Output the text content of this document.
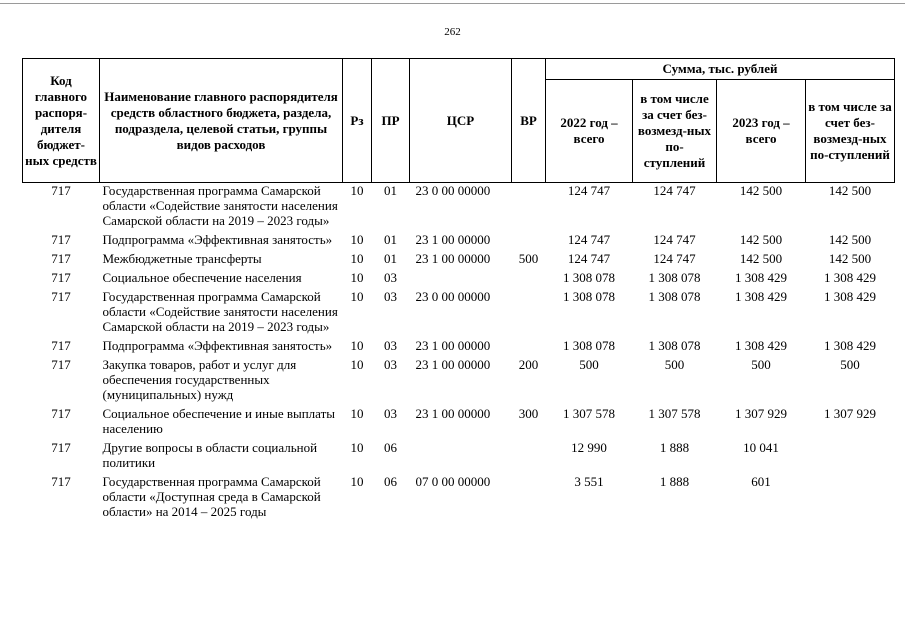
262
Код главного распоря-дителя бюджет-ных средств	Наименование главного распорядителя средств областного бюджета, раздела, подраздела, целевой статьи, группы видов расходов	Рз	ПР	ЦСР	ВР	Сумма, тыс. рублей			
						2022 год – всего	в том числе за счет без-возмезд-ных по-ступлений	2023 год – всего	в том числе за счет без-возмезд-ных по-ступлений
717	Государственная программа Самарской области «Содействие занятости населения Самарской области на 2019 – 2023 годы»	10	01	23 0 00 00000		124 747	124 747	142 500	142 500
717	Подпрограмма «Эффективная занятость»	10	01	23 1 00 00000		124 747	124 747	142 500	142 500
717	Межбюджетные трансферты	10	01	23 1 00 00000	500	124 747	124 747	142 500	142 500
717	Социальное обеспечение населения	10	03			1 308 078	1 308 078	1 308 429	1 308 429
717	Государственная программа Самарской области «Содействие занятости населения Самарской области на 2019 – 2023 годы»	10	03	23 0 00 00000		1 308 078	1 308 078	1 308 429	1 308 429
717	Подпрограмма «Эффективная занятость»	10	03	23 1 00 00000		1 308 078	1 308 078	1 308 429	1 308 429
717	Закупка товаров, работ и услуг для обеспечения государственных (муниципальных) нужд	10	03	23 1 00 00000	200	500	500	500	500
717	Социальное обеспечение и иные выплаты населению	10	03	23 1 00 00000	300	1 307 578	1 307 578	1 307 929	1 307 929
717	Другие вопросы в области социальной политики	10	06			12 990	1 888	10 041	
717	Государственная программа Самарской области «Доступная среда в Самарской области» на 2014 – 2025 годы	10	06	07 0 00 00000		3 551	1 888	601	
